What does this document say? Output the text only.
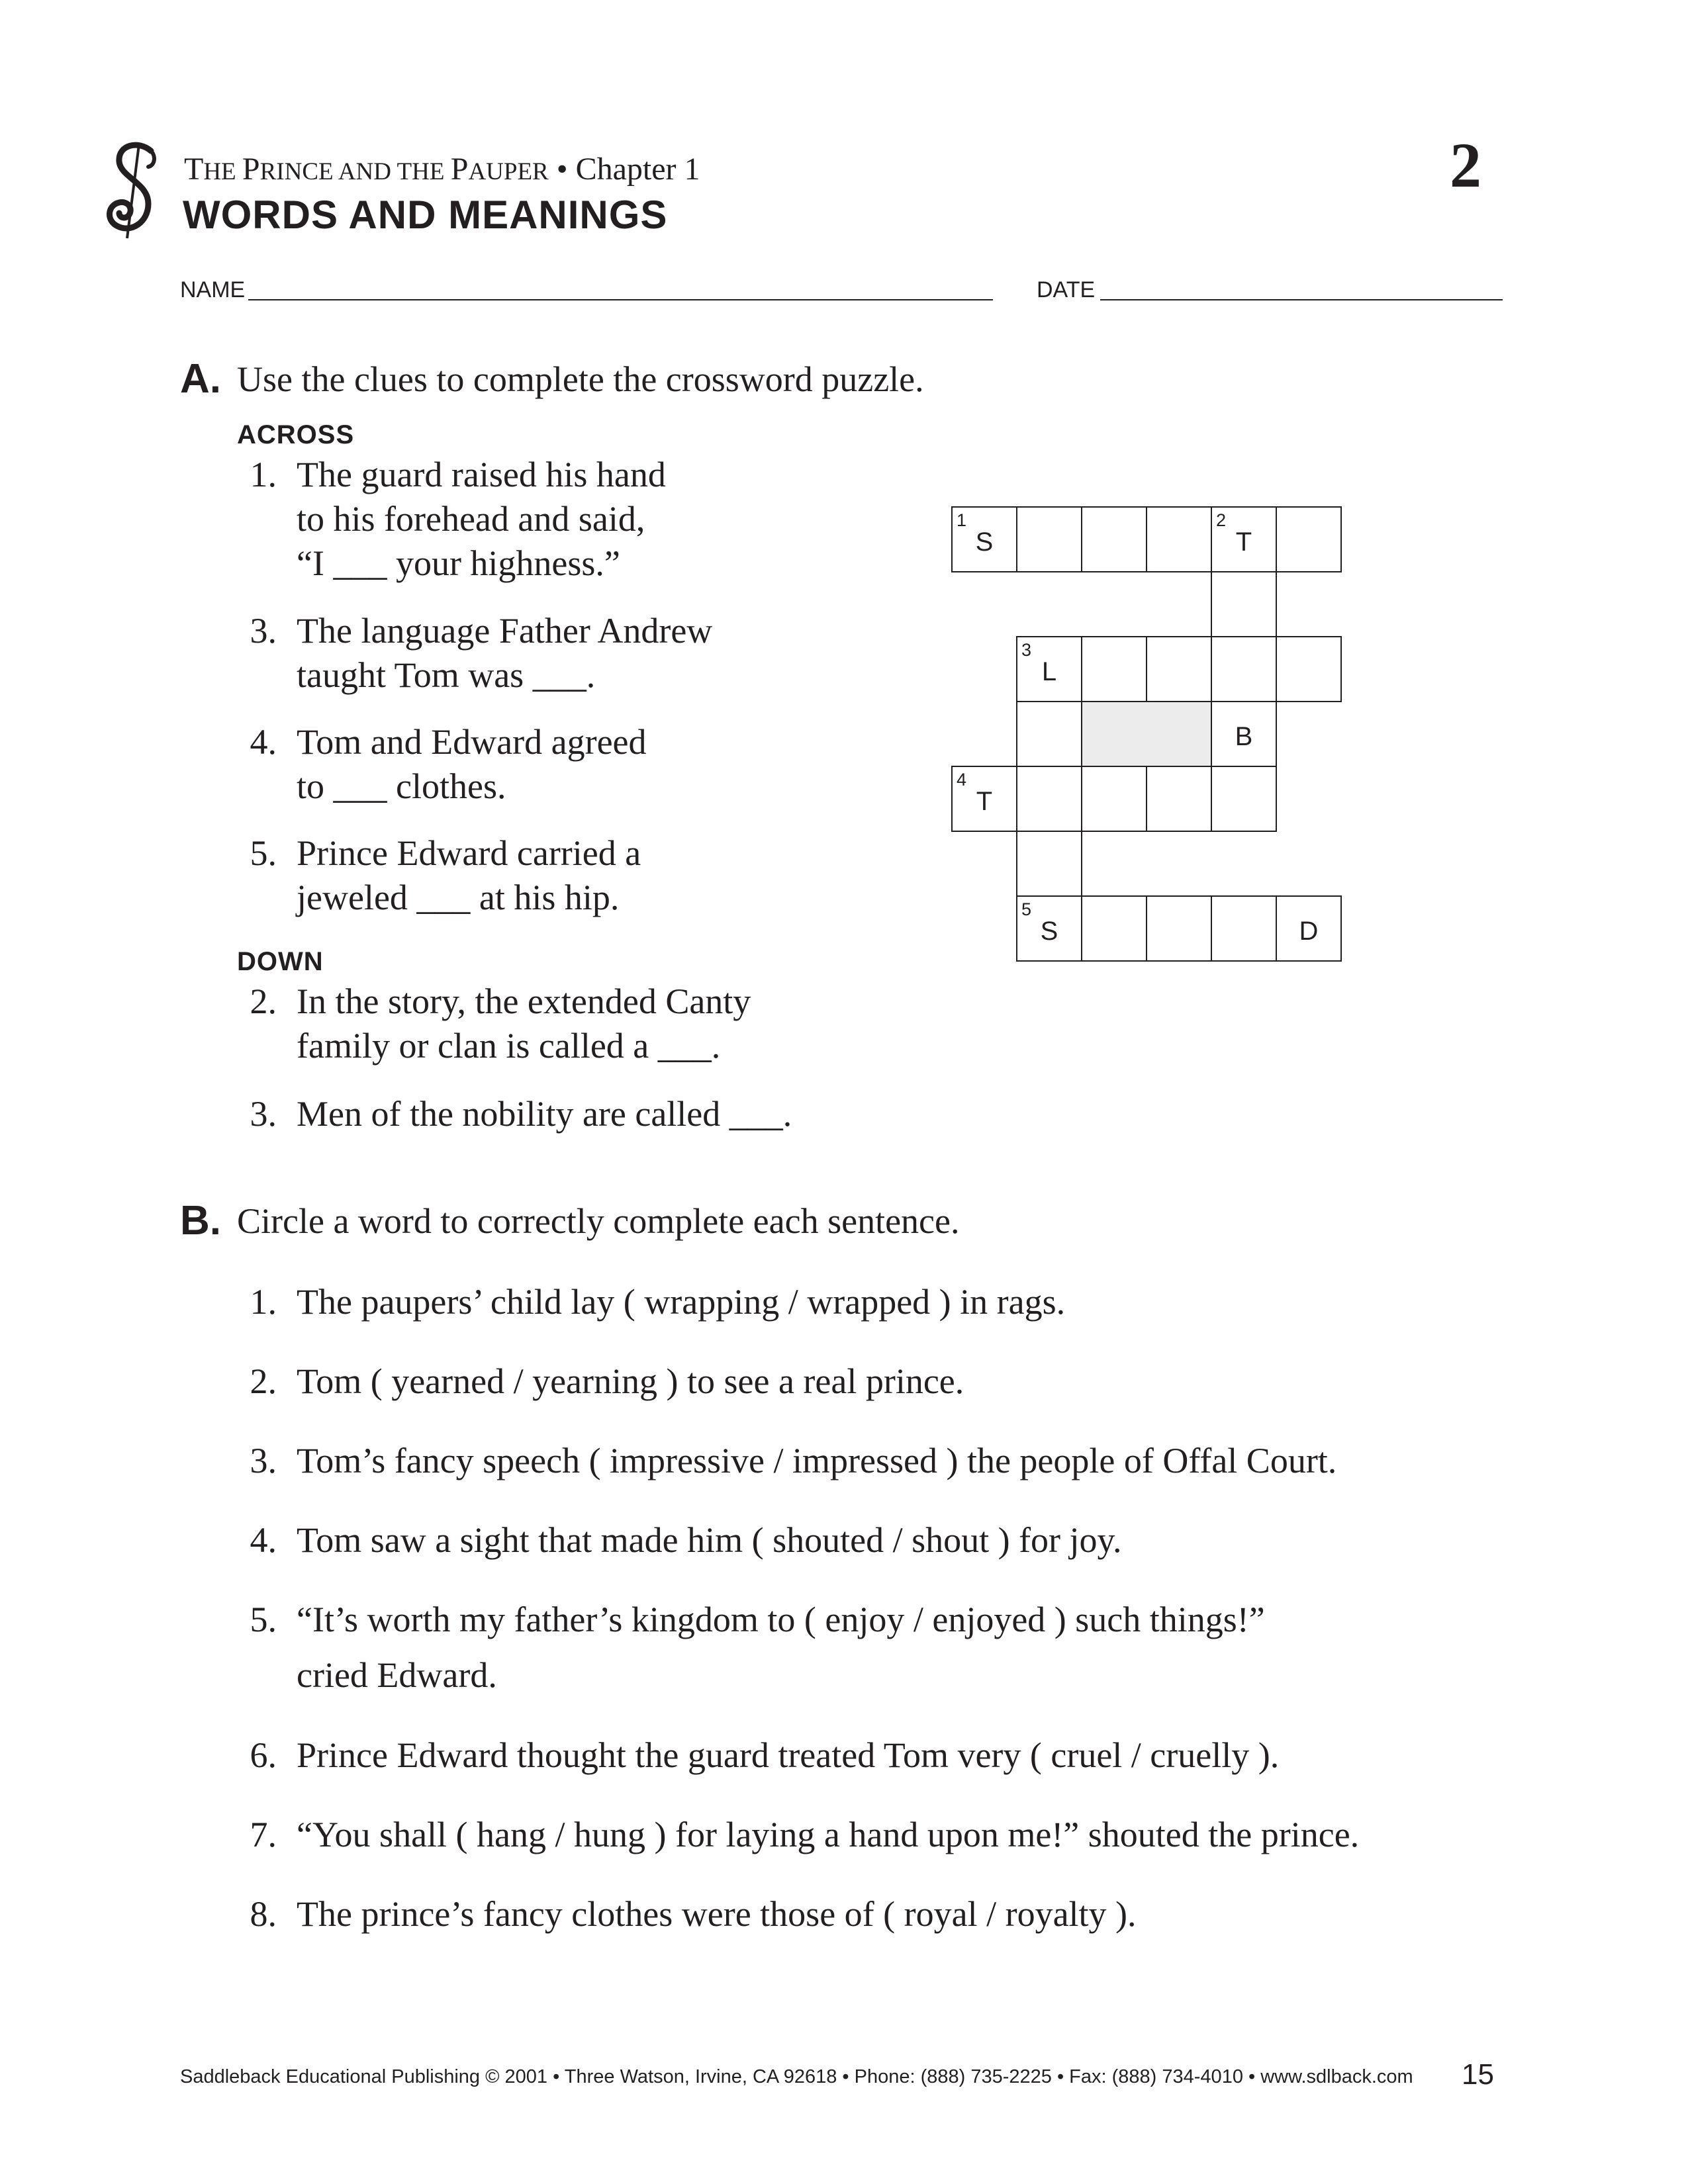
THE PRINCE AND THE PAUPER • Chapter 1
WORDS AND MEANINGS
2
NAME	DATE
A. Use the clues to complete the crossword puzzle.
ACROSS
1. The guard raised his hand
to his forehead and said,
“I ___ your highness.”
3. The language Father Andrew
taught Tom was ___.
4. Tom and Edward agreed
to ___ clothes.
5. Prince Edward carried a
jeweled ___ at his hip.
DOWN
2. In the story, the extended Canty
family or clan is called a ___.
3. Men of the nobility are called ___.
1
S
2
T
3
L
B
4
T
5
S	D
B. Circle a word to correctly complete each sentence.
1. The paupers’ child lay ( wrapping / wrapped ) in rags.
2. Tom ( yearned / yearning ) to see a real prince.
3. Tom’s fancy speech ( impressive / impressed ) the people of Offal Court.
4. Tom saw a sight that made him ( shouted / shout ) for joy.
5. “It’s worth my father’s kingdom to ( enjoy / enjoyed ) such things!”
cried Edward.
6. Prince Edward thought the guard treated Tom very ( cruel / cruelly ).
7. “You shall ( hang / hung ) for laying a hand upon me!” shouted the prince.
8. The prince’s fancy clothes were those of ( royal / royalty ).
Saddleback Educational Publishing © 2001 • Three Watson, Irvine, CA 92618 • Phone: (888) 735-2225 • Fax: (888) 734-4010 • www.sdlback.com 15
